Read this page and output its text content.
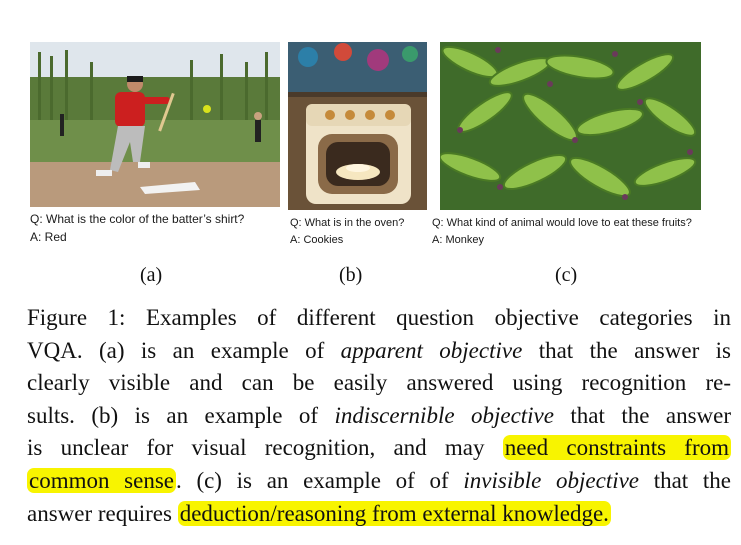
Q: What is the color of the batter’s shirt?
A: Red
Q: What is in the oven?
A: Cookies
Q: What kind of animal would love to eat these fruits?
A: Monkey
(a)	(b)	(c)
Figure 1: Examples of different question objective categories in
VQA. (a) is an example of apparent objective that the answer is
clearly visible and can be easily answered using recognition re-
sults. (b) is an example of indiscernible objective that the answer
is unclear for visual recognition, and may need constraints from
common sense. (c) is an example of of invisible objective that the
answer requires deduction/reasoning from external knowledge.
